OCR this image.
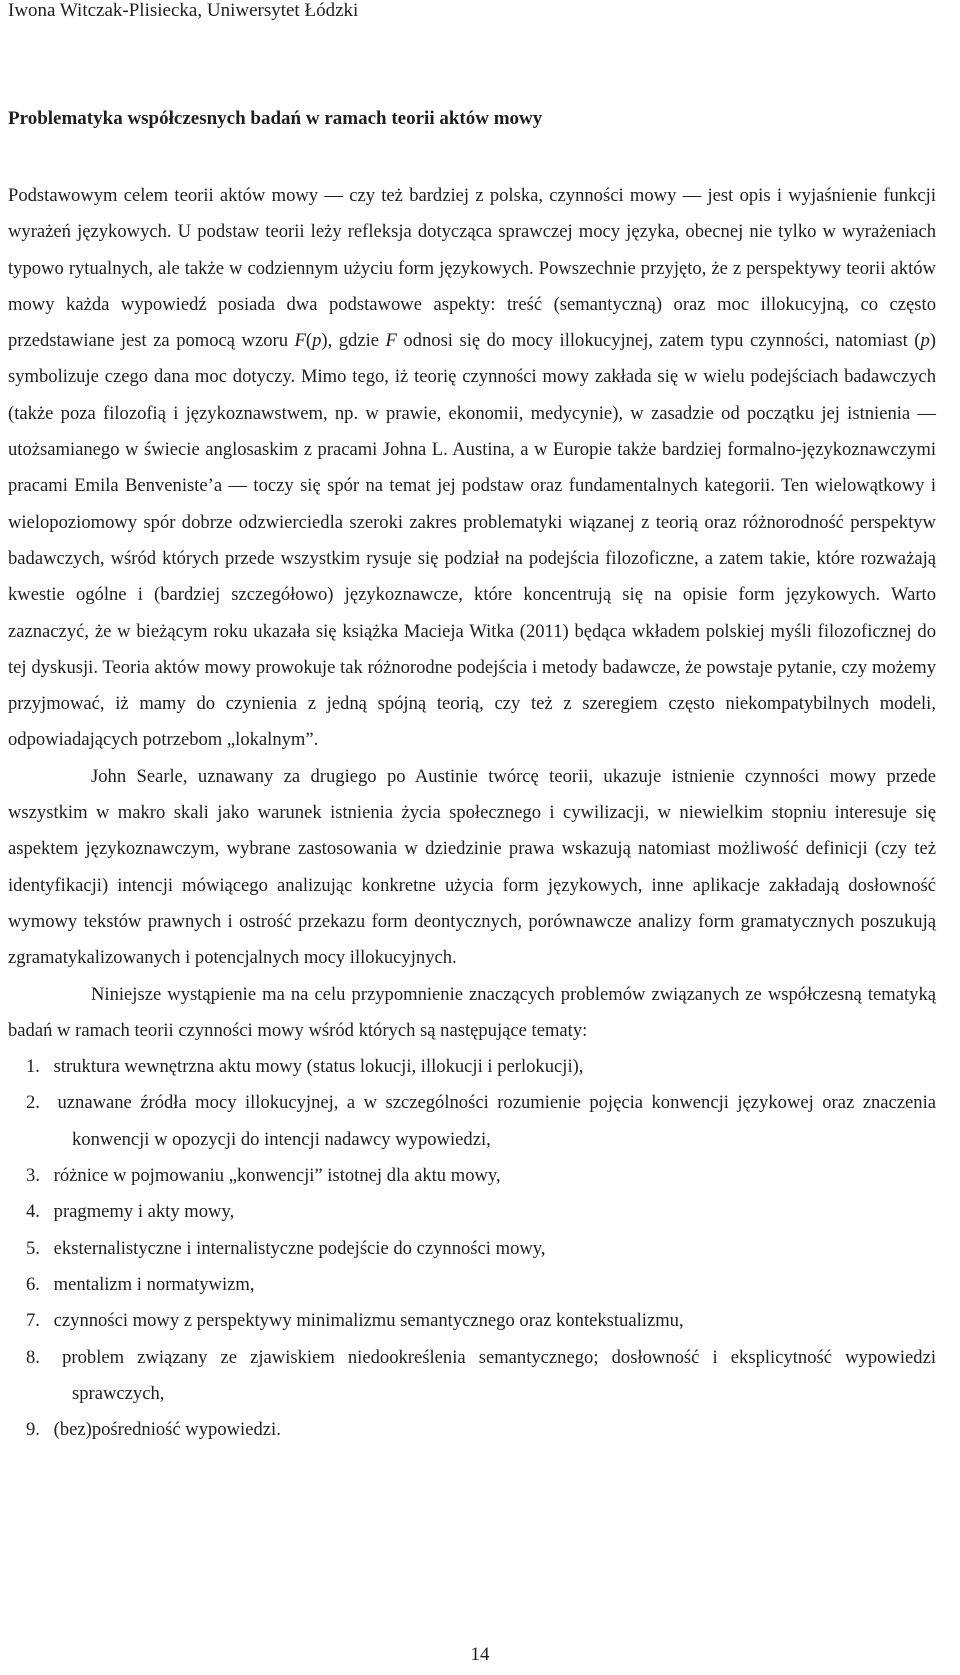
Iwona Witczak-Plisiecka, Uniwersytet Łódzki
Problematyka współczesnych badań w ramach teorii aktów mowy

Podstawowym celem teorii aktów mowy — czy też bardziej z polska, czynności mowy — jest opis i wyjaśnienie funkcji wyrażeń językowych. U podstaw teorii leży refleksja dotycząca sprawczej mocy języka, obecnej nie tylko w wyrażeniach typowo rytualnych, ale także w codziennym użyciu form językowych. Powszechnie przyjęto, że z perspektywy teorii aktów mowy każda wypowiedź posiada dwa podstawowe aspekty: treść (semantyczną) oraz moc illokucyjną, co często przedstawiane jest za pomocą wzoru F(p), gdzie F odnosi się do mocy illokucyjnej, zatem typu czynności, natomiast (p) symbolizuje czego dana moc dotyczy. Mimo tego, iż teorię czynności mowy zakłada się w wielu podejściach badawczych (także poza filozofią i językoznawstwem, np. w prawie, ekonomii, medycynie), w zasadzie od początku jej istnienia — utożsamianego w świecie anglosaskim z pracami Johna L. Austina, a w Europie także bardziej formalno-językoznawczymi pracami Emila Benveniste’a — toczy się spór na temat jej podstaw oraz fundamentalnych kategorii. Ten wielowątkowy i wielopoziomowy spór dobrze odzwierciedla szeroki zakres problematyki wiązanej z teorią oraz różnorodność perspektyw badawczych, wśród których przede wszystkim rysuje się podział na podejścia filozoficzne, a zatem takie, które rozważają kwestie ogólne i (bardziej szczegółowo) językoznawcze, które koncentrują się na opisie form językowych. Warto zaznaczyć, że w bieżącym roku ukazała się książka Macieja Witka (2011) będąca wkładem polskiej myśli filozoficznej do tej dyskusji. Teoria aktów mowy prowokuje tak różnorodne podejścia i metody badawcze, że powstaje pytanie, czy możemy przyjmować, iż mamy do czynienia z jedną spójną teorią, czy też z szeregiem często niekompatybilnych modeli, odpowiadających potrzebom „lokalnym”.

John Searle, uznawany za drugiego po Austinie twórcę teorii, ukazuje istnienie czynności mowy przede wszystkim w makro skali jako warunek istnienia życia społecznego i cywilizacji, w niewielkim stopniu interesuje się aspektem językoznawczym, wybrane zastosowania w dziedzinie prawa wskazują natomiast możliwość definicji (czy też identyfikacji) intencji mówiącego analizując konkretne użycia form językowych, inne aplikacje zakładają dosłowność wymowy tekstów prawnych i ostrość przekazu form deontycznych, porównawcze analizy form gramatycznych poszukują zgramatykalizowanych i potencjalnych mocy illokucyjnych.

Niniejsze wystąpienie ma na celu przypomnienie znaczących problemów związanych ze współczesną tematyką badań w ramach teorii czynności mowy wśród których są następujące tematy:

1. struktura wewnętrzna aktu mowy (status lokucji, illokucji i perlokucji),
2. uznawane źródła mocy illokucyjnej, a w szczególności rozumienie pojęcia konwencji językowej oraz znaczenia konwencji w opozycji do intencji nadawcy wypowiedzi,
3. różnice w pojmowaniu „konwencji” istotnej dla aktu mowy,
4. pragmemy i akty mowy,
5. eksternalistyczne i internalistyczne podejście do czynności mowy,
6. mentalizm i normatywizm,
7. czynności mowy z perspektywy minimalizmu semantycznego oraz kontekstualizmu,
8. problem związany ze zjawiskiem niedookreślenia semantycznego; dosłowność i eksplicytność wypowiedzi sprawczych,
9. (bez)pośredniość wypowiedzi.
14
